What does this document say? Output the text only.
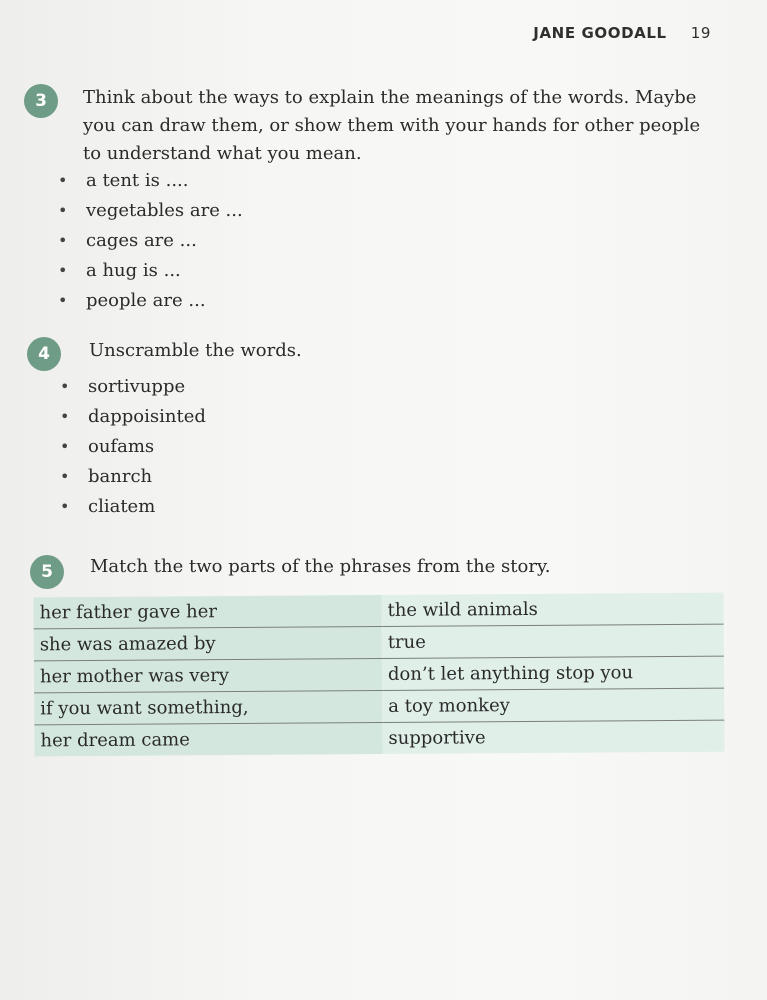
JANE GOODALL 19
3	Think about the ways to explain the meanings of the words. Maybe you can draw them, or show them with your hands for other people to understand what you mean.
• a tent is ....
• vegetables are ...
• cages are ...
• a hug is ...
• people are ...
4	Unscramble the words.
• sortivuppe
• dappoisinted
• oufams
• banrch
• cliatem
5	Match the two parts of the phrases from the story.
her father gave her	the wild animals
she was amazed by	true
her mother was very	don’t let anything stop you
if you want something,	a toy monkey
her dream came	supportive
